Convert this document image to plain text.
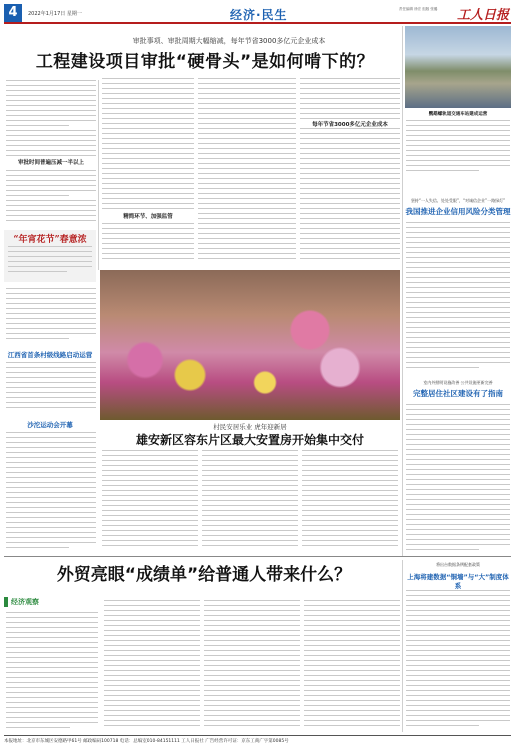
4	2022年1月17日 星期一	经济·民生	责任编辑 徐宏 组版 张璐 工人日报
审批事项、审批周期大幅缩减，每年节省3000多亿元企业成本
工程建设项目审批“硬骨头”是如何啃下的？
审批时间普遍压减一半以上
精简环节、加强监管
每年节省3000多亿元企业成本
“年宵花节”春意浓
江西省首条村级线路启动运营
沙沱运动会开幕	村民安居乐业 虎年迎新居
雄安新区容东片区最大安置房开始集中交付
鹦鹉螺轨道交通车站建成运营
坚持“一人失信、处处受限”，“对诚信企业”一路绿灯”
我国推进企业信用风险分类管理
室内外照明设施改善 公共设施更新完善
完整居住社区建设有了指南
外贸亮眼“成绩单”给普通人带来什么？
经济观察
将出台数据条例配套政策
上海将建数据“铜墙”与“大”制度体系
本报地址：北京市东城区安德路甲61号 邮政编码100718 电话：总编室010-84151111 工人日报社 广告经营许可证：京东工商广字第0085号
